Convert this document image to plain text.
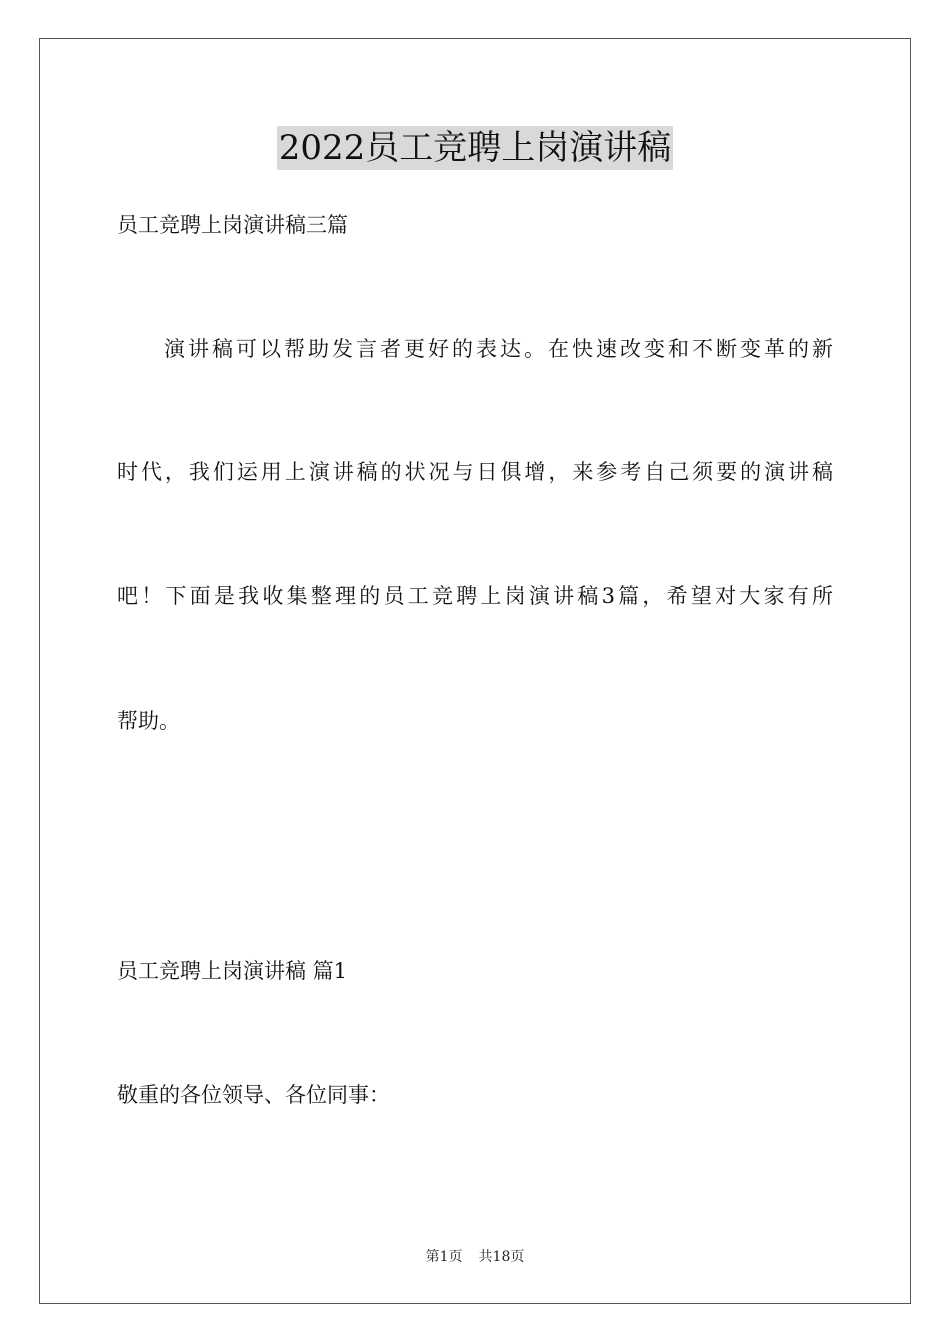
2022员工竞聘上岗演讲稿

员工竞聘上岗演讲稿三篇

演讲稿可以帮助发言者更好的表达。在快速改变和不断变革的新

时代，我们运用上演讲稿的状况与日俱增，来参考自己须要的演讲稿

吧！下面是我收集整理的员工竞聘上岗演讲稿3篇，希望对大家有所

帮助。

员工竞聘上岗演讲稿 篇1

敬重的各位领导、各位同事：

第1页 共18页
